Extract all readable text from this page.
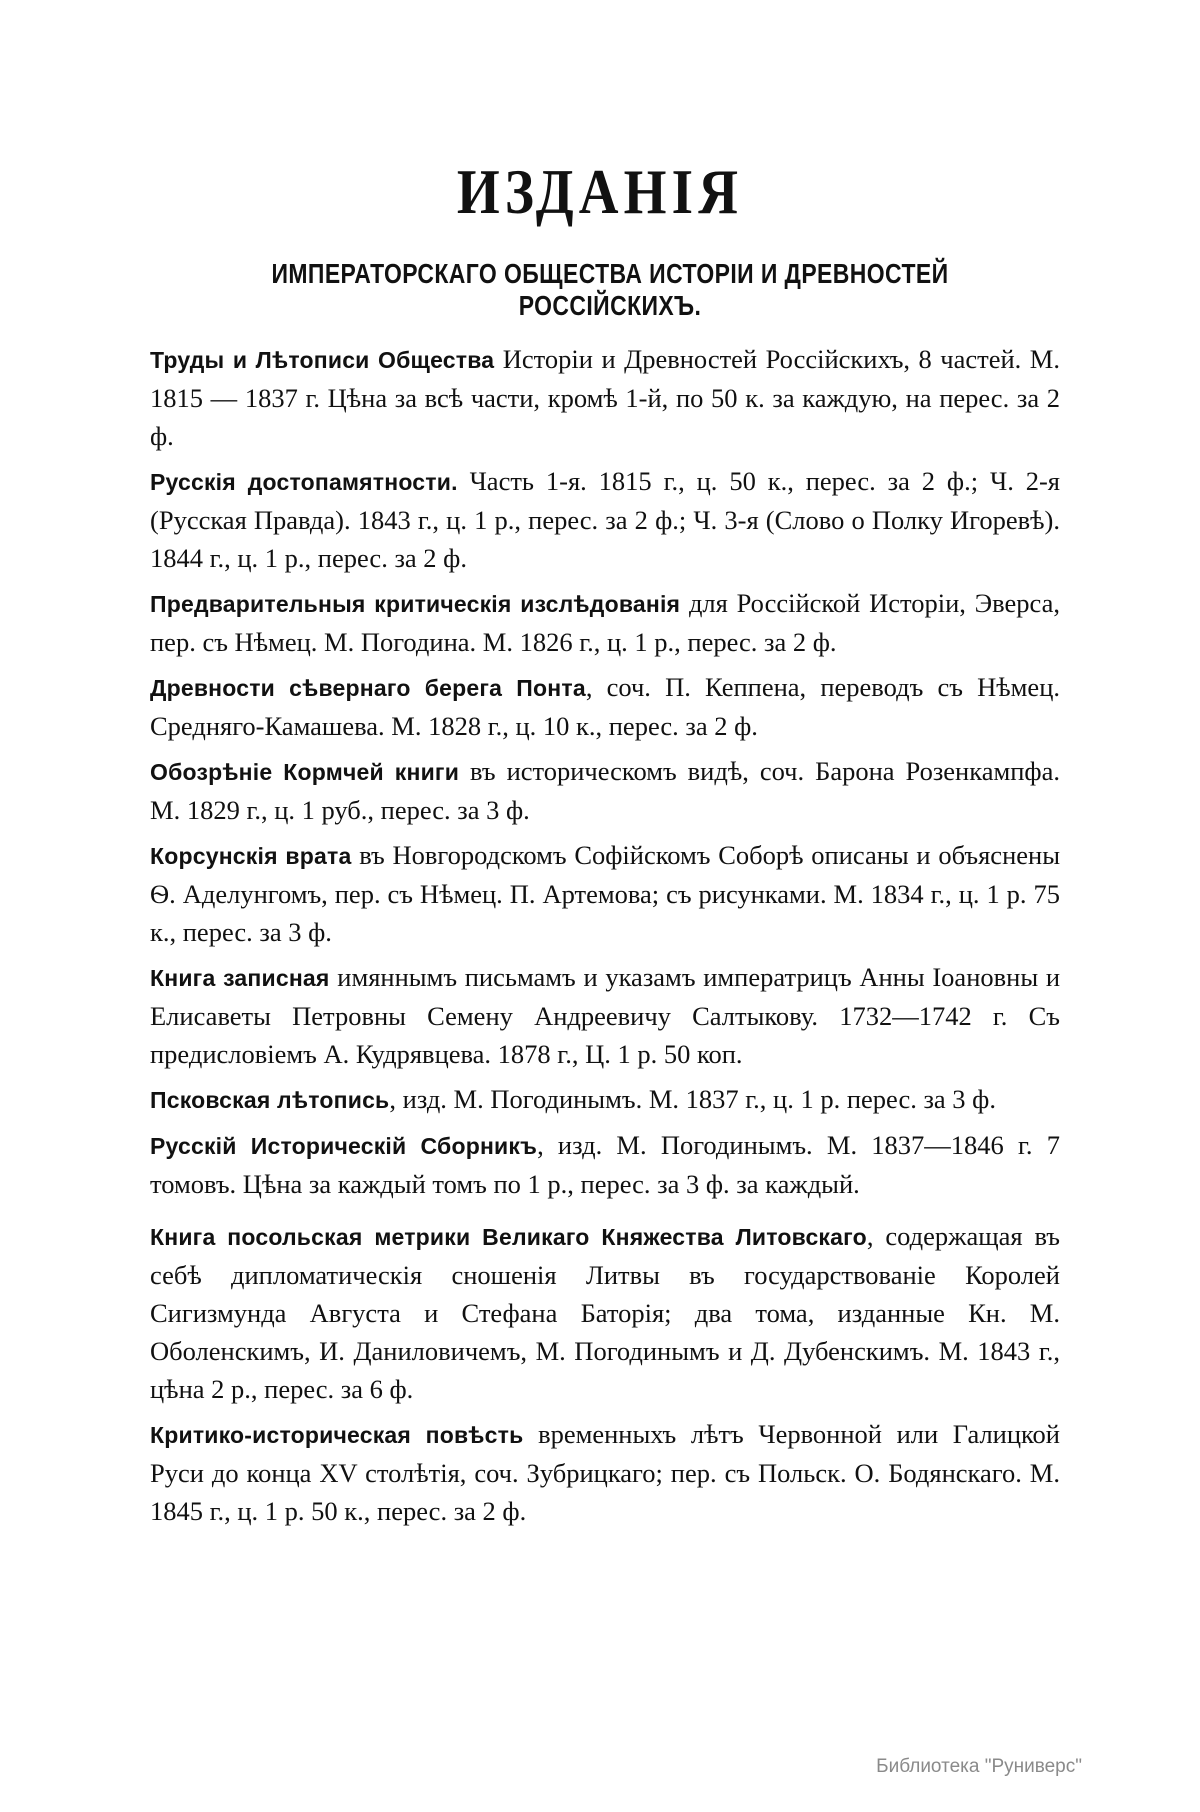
ИЗДАНІЯ
ИМПЕРАТОРСКАГО ОБЩЕСТВА ИСТОРІИ И ДРЕВНОСТЕЙ РОССІЙСКИХЪ.

Труды и Лѣтописи Общества Исторіи и Древностей Россійскихъ, 8 частей. М. 1815 — 1837 г. Цѣна за всѣ части, кромѣ 1-й, по 50 к. за каждую, на перес. за 2 ф.

Русскія достопамятности. Часть 1-я. 1815 г., ц. 50 к., перес. за 2 ф.; Ч. 2-я (Русская Правда). 1843 г., ц. 1 р., перес. за 2 ф.; Ч. 3-я (Слово о Полку Игоревѣ). 1844 г., ц. 1 р., перес. за 2 ф.

Предварительныя критическія изслѣдованія для Россійской Исторіи, Эверса, пер. съ Нѣмец. М. Погодина. М. 1826 г., ц. 1 р., перес. за 2 ф.

Древности сѣвернаго берега Понта, соч. П. Кеппена, переводъ съ Нѣмец. Средняго-Камашева. М. 1828 г., ц. 10 к., перес. за 2 ф.

Обозрѣніе Кормчей книги въ историческомъ видѣ, соч. Барона Розенкампфа. М. 1829 г., ц. 1 руб., перес. за 3 ф.

Корсунскія врата въ Новгородскомъ Софійскомъ Соборѣ описаны и объяснены Ѳ. Аделунгомъ, пер. съ Нѣмец. П. Артемова; съ рисунками. М. 1834 г., ц. 1 р. 75 к., перес. за 3 ф.

Книга записная имяннымъ письмамъ и указамъ императрицъ Анны Іоановны и Елисаветы Петровны Семену Андреевичу Салтыкову. 1732—1742 г. Съ предисловіемъ А. Кудрявцева. 1878 г., Ц. 1 р. 50 коп.

Псковская лѣтопись, изд. М. Погодинымъ. М. 1837 г., ц. 1 р. перес. за 3 ф.

Русскій Историческій Сборникъ, изд. М. Погодинымъ. М. 1837—1846 г. 7 томовъ. Цѣна за каждый томъ по 1 р., перес. за 3 ф. за каждый.

Книга посольская метрики Великаго Княжества Литовскаго, содержащая въ себѣ дипломатическія сношенія Литвы въ государствованіе Королей Сигизмунда Августа и Стефана Баторія; два тома, изданные Кн. М. Оболенскимъ, И. Даниловичемъ, М. Погодинымъ и Д. Дубенскимъ. М. 1843 г., цѣна 2 р., перес. за 6 ф.

Критико-историческая повѣсть временныхъ лѣтъ Червонной или Галицкой Руси до конца XV столѣтія, соч. Зубрицкаго; пер. съ Польск. О. Бодянскаго. М. 1845 г., ц. 1 р. 50 к., перес. за 2 ф.

Библиотека "Руниверс"
